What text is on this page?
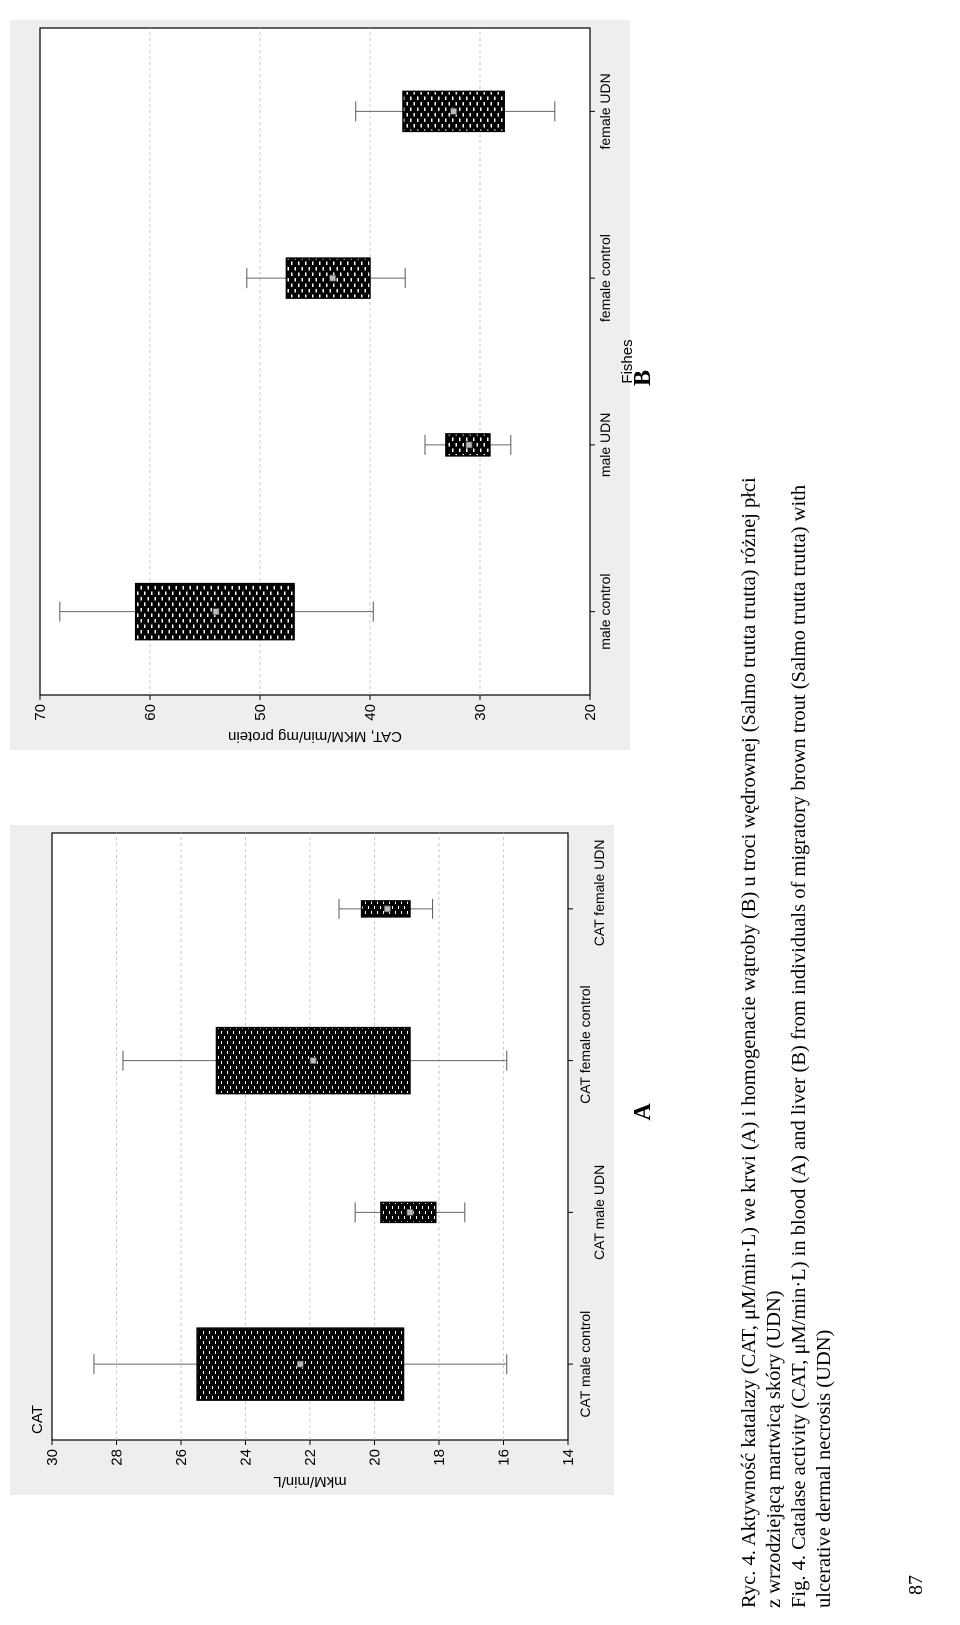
30	28	26	24	22	20	18	16	14
CAT male control
CAT male UDN
CAT female control
CAT female UDN
CAT
mkM/min/L
A
70	60	50	40	30	20
male control
male UDN
female control
female UDN
CAT, MKM/min/mg protein
Fishes
B
Ryc. 4. Aktywność katalazy (CAT, μM/min·L) we krwi (A) i homogenacie wątroby (B) u troci wędrownej (Salmo trutta trutta) różnej płci z wrzodziejącą martwicą skóry (UDN) Fig. 4. Catalase activity (CAT, μM/min·L) in blood (A) and liver (B) from individuals of migratory brown trout (Salmo trutta trutta) with ulcerative dermal necrosis (UDN)	87
